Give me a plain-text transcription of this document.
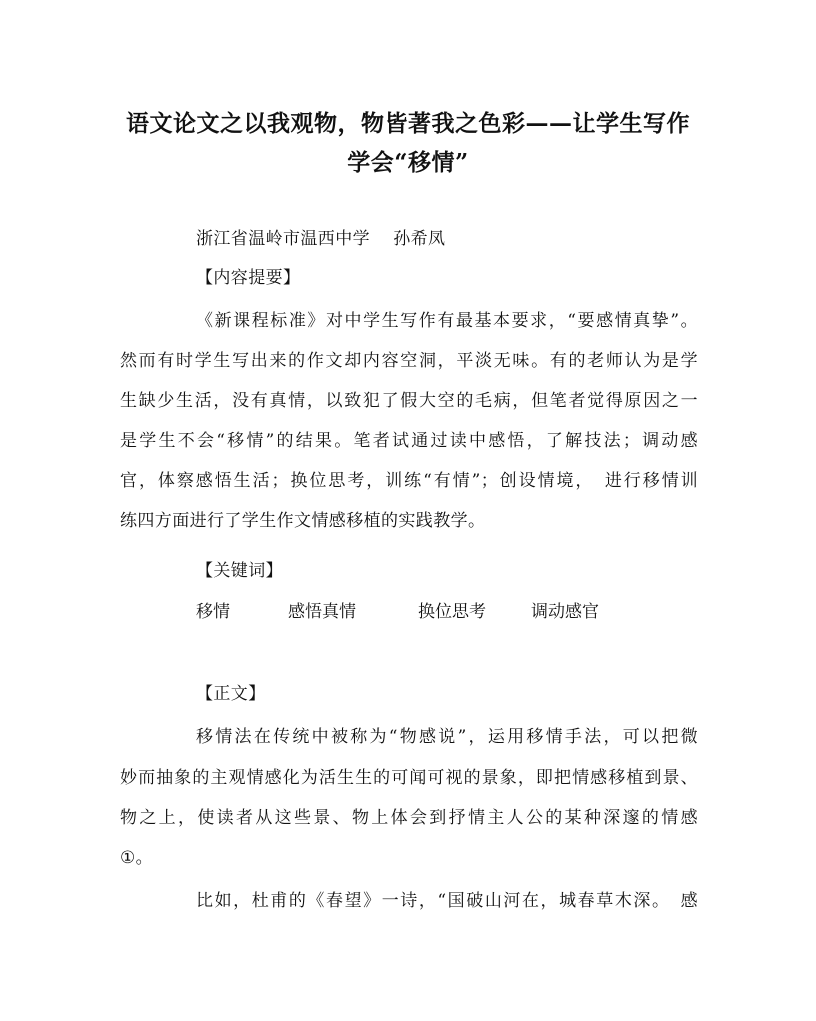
语文论文之以我观物，物皆著我之色彩——让学生写作
学会“移情”
浙江省温岭市温西中学　 孙希凤
【内容提要】
《新课程标准》对中学生写作有最基本要求，“要感情真挚”。
然而有时学生写出来的作文却内容空洞，平淡无味。有的老师认为是学
生缺少生活，没有真情，以致犯了假大空的毛病，但笔者觉得原因之一
是学生不会“移情”的结果。笔者试通过读中感悟，了解技法；调动感
官，体察感悟生活；换位思考，训练“有情”；创设情境，　进行移情训
练四方面进行了学生作文情感移植的实践教学。
【关键词】
移情	感悟真情	换位思考	调动感官
【正文】
移情法在传统中被称为“物感说”，运用移情手法，可以把微
妙而抽象的主观情感化为活生生的可闻可视的景象，即把情感移植到景、
物之上，使读者从这些景、物上体会到抒情主人公的某种深邃的情感
①。
比如，杜甫的《春望》一诗，“国破山河在，城春草木深。　感
